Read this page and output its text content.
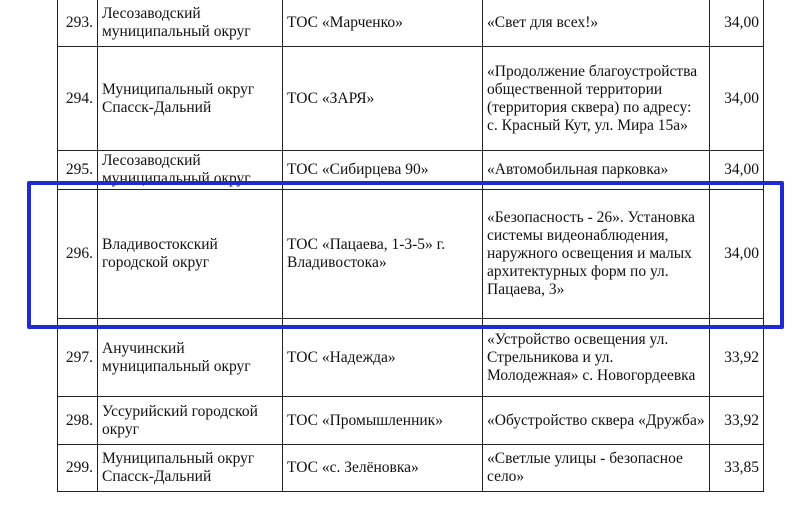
293.	Лесозаводский муниципальный округ	ТОС «Марченко»	«Свет для всех!»	34,00
294.	Муниципальный округ Спасск-Дальний	ТОС «ЗАРЯ»	«Продолжение благоустройства общественной территории (территория сквера) по адресу: с. Красный Кут, ул. Мира 15а»	34,00
295.	Лесозаводский муниципальный округ	ТОС «Сибирцева 90»	«Автомобильная парковка»	34,00
296.	Владивостокский городской округ	ТОС «Пацаева, 1-3-5» г. Владивостока»	«Безопасность - 26». Установка системы видеонаблюдения, наружного освещения и малых архитектурных форм по ул. Пацаева, 3»	34,00
297.	Анучинский муниципальный округ	ТОС «Надежда»	«Устройство освещения ул. Стрельникова и ул. Молодежная» с. Новогордеевка	33,92
298.	Уссурийский городской округ	ТОС «Промышленник»	«Обустройство сквера «Дружба»	33,92
299.	Муниципальный округ Спасск-Дальний	ТОС «с. Зелёновка»	«Светлые улицы - безопасное село»	33,85
